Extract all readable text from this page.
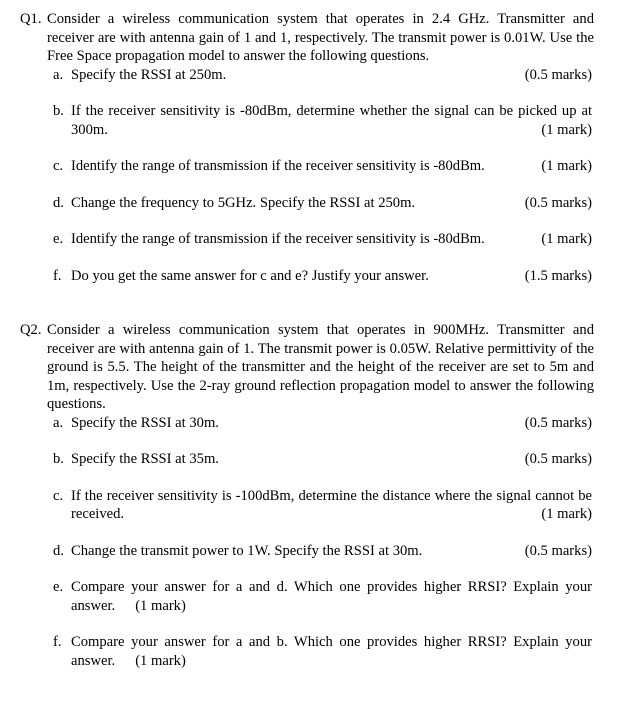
Q1. Consider a wireless communication system that operates in 2.4 GHz. Transmitter and receiver are with antenna gain of 1 and 1, respectively. The transmit power is 0.01W. Use the Free Space propagation model to answer the following questions.
a. Specify the RSSI at 250m.	(0.5 marks)
b. If the receiver sensitivity is -80dBm, determine whether the signal can be picked up at 300m.	(1 mark)
c. Identify the range of transmission if the receiver sensitivity is -80dBm.	(1 mark)
d. Change the frequency to 5GHz. Specify the RSSI at 250m.	(0.5 marks)
e. Identify the range of transmission if the receiver sensitivity is -80dBm.	(1 mark)
f. Do you get the same answer for c and e? Justify your answer.	(1.5 marks)
Q2. Consider a wireless communication system that operates in 900MHz. Transmitter and receiver are with antenna gain of 1. The transmit power is 0.05W. Relative permittivity of the ground is 5.5. The height of the transmitter and the height of the receiver are set to 5m and 1m, respectively. Use the 2-ray ground reflection propagation model to answer the following questions.
a. Specify the RSSI at 30m.	(0.5 marks)
b. Specify the RSSI at 35m.	(0.5 marks)
c. If the receiver sensitivity is -100dBm, determine the distance where the signal cannot be received.	(1 mark)
d. Change the transmit power to 1W. Specify the RSSI at 30m.	(0.5 marks)
e. Compare your answer for a and d. Which one provides higher RRSI? Explain your answer. (1 mark)
f. Compare your answer for a and b. Which one provides higher RRSI? Explain your answer. (1 mark)
